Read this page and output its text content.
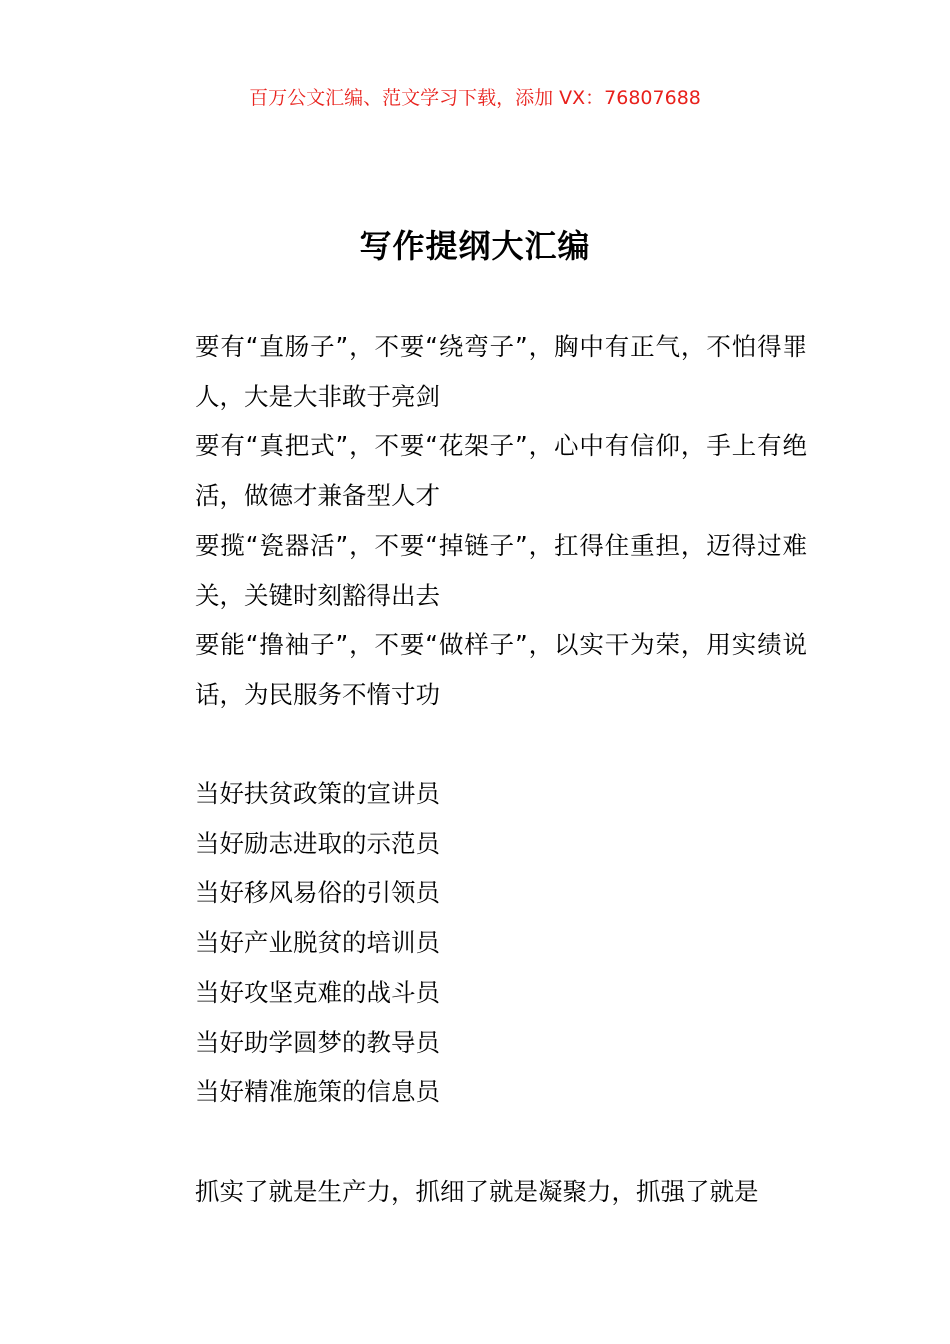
百万公文汇编、范文学习下载，添加 VX：76807688
写作提纲大汇编

要有“直肠子”，不要“绕弯子”，胸中有正气，不怕得罪人，大是大非敢于亮剑

要有“真把式”，不要“花架子”，心中有信仰，手上有绝活，做德才兼备型人才

要揽“瓷器活”，不要“掉链子”，扛得住重担，迈得过难关，关键时刻豁得出去

要能“撸袖子”，不要“做样子”，以实干为荣，用实绩说话，为民服务不惰寸功

当好扶贫政策的宣讲员

当好励志进取的示范员

当好移风易俗的引领员

当好产业脱贫的培训员

当好攻坚克难的战斗员

当好助学圆梦的教导员

当好精准施策的信息员

抓实了就是生产力，抓细了就是凝聚力，抓强了就是
